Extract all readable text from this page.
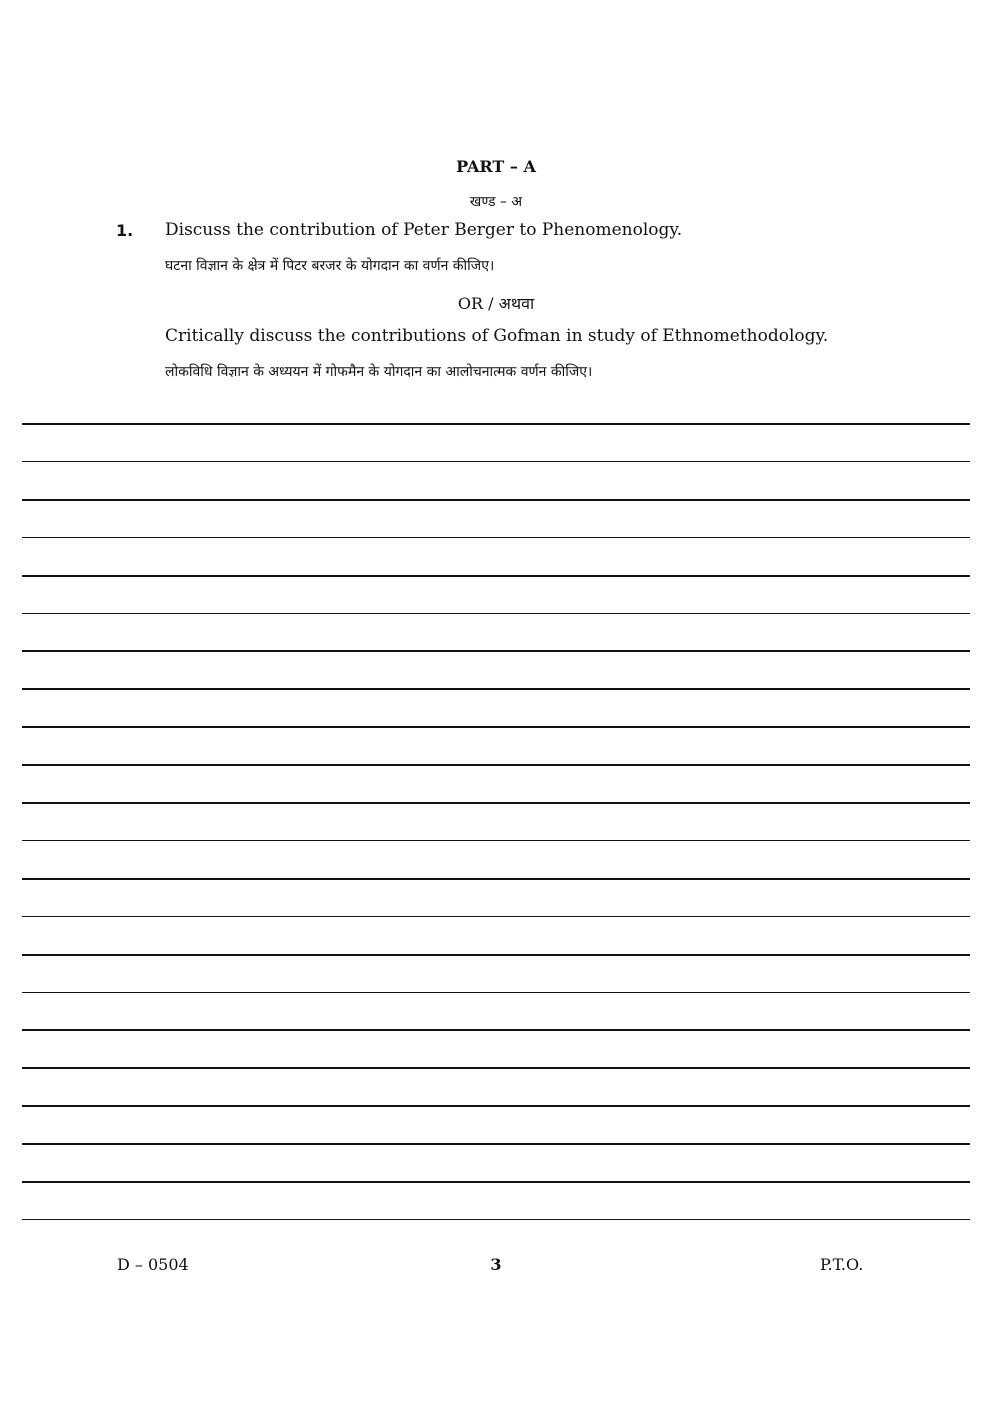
PART – A
खण्ड – अ
1. Discuss the contribution of Peter Berger to Phenomenology.
घटना विज्ञान के क्षेत्र में पिटर बरजर के योगदान का वर्णन कीजिए।
OR / अथवा
Critically discuss the contributions of Gofman in study of Ethnomethodology.
लोकविधि विज्ञान के अध्ययन में गोफमैन के योगदान का आलोचनात्मक वर्णन कीजिए।
D – 0504	3	P.T.O.
